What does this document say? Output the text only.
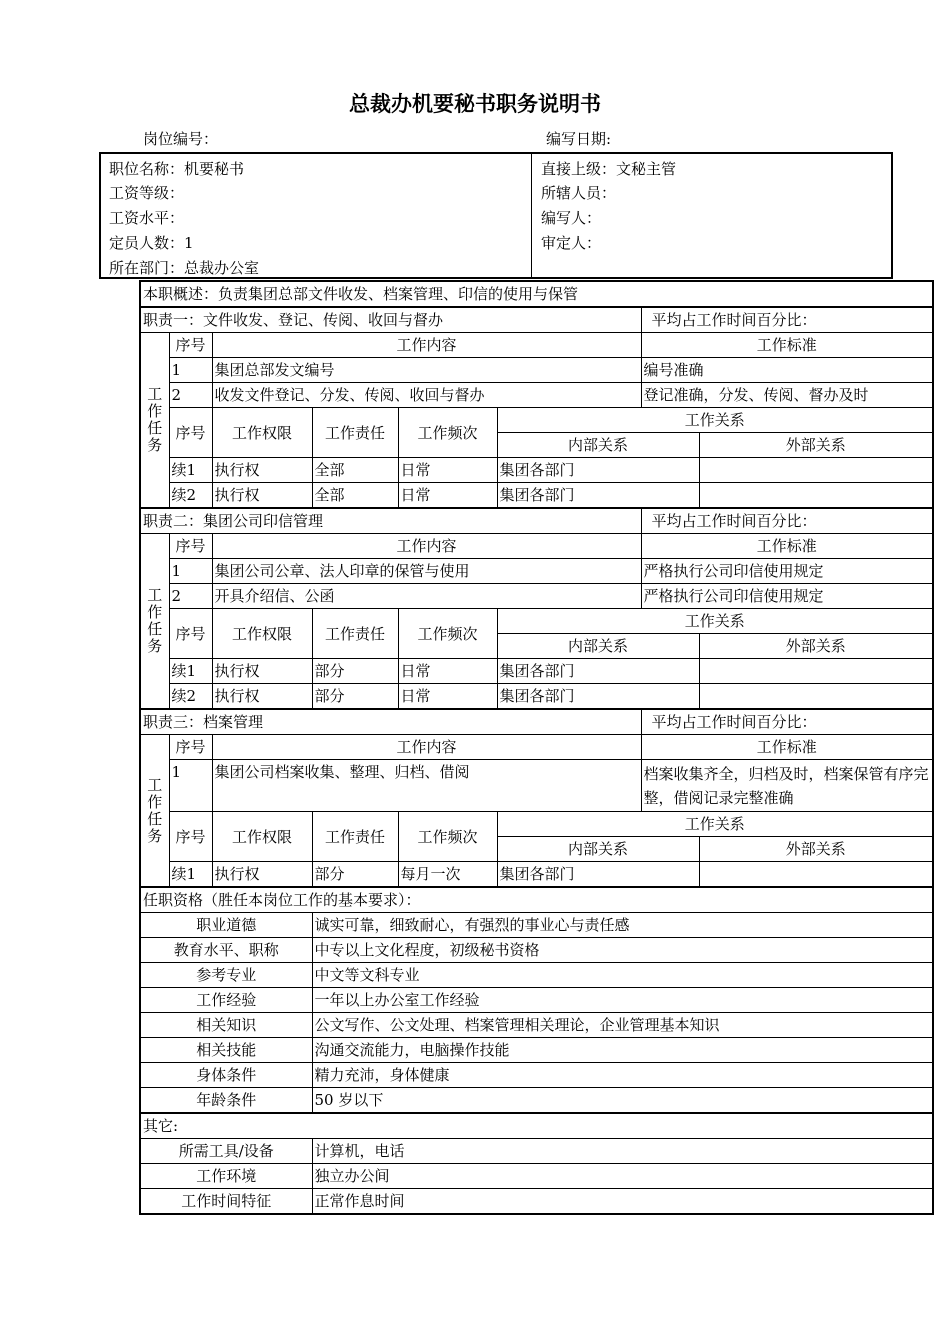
总裁办机要秘书职务说明书
岗位编号：	编写日期:
职位名称：机要秘书
工资等级：
工资水平：
定员人数：1
所在部门：总裁办公室
直接上级：文秘主管
所辖人员：
编写人：
审定人：
本职概述：负责集团总部文件收发、档案管理、印信的使用与保管							
职责一：文件收发、登记、传阅、收回与督办						平均占工作时间百分比：	
工作任务	序号	工作内容				工作标准	
	1	集团总部发文编号				编号准确	
	2	收发文件登记、分发、传阅、收回与督办				登记准确，分发、传阅、督办及时	
	序号	工作权限	工作责任	工作频次	工作关系		
					内部关系		外部关系
	续1	执行权	全部	日常	集团各部门		
	续2	执行权	全部	日常	集团各部门		
职责二：集团公司印信管理						平均占工作时间百分比：	
工作任务	序号	工作内容				工作标准	
	1	集团公司公章、法人印章的保管与使用				严格执行公司印信使用规定	
	2	开具介绍信、公函				严格执行公司印信使用规定	
	序号	工作权限	工作责任	工作频次	工作关系		
					内部关系		外部关系
	续1	执行权	部分	日常	集团各部门		
	续2	执行权	部分	日常	集团各部门		
职责三：档案管理						平均占工作时间百分比：	
工作任务	序号	工作内容				工作标准	
	1	集团公司档案收集、整理、归档、借阅				档案收集齐全，归档及时，档案保管有序完整，借阅记录完整准确	
	序号	工作权限	工作责任	工作频次	工作关系		
					内部关系		外部关系
	续1	执行权	部分	每月一次	集团各部门		
任职资格（胜任本岗位工作的基本要求）：							
职业道德			诚实可靠，细致耐心，有强烈的事业心与责任感				
教育水平、职称			中专以上文化程度，初级秘书资格				
参考专业			中文等文科专业				
工作经验			一年以上办公室工作经验				
相关知识			公文写作、公文处理、档案管理相关理论，企业管理基本知识				
相关技能			沟通交流能力，电脑操作技能				
身体条件			精力充沛，身体健康				
年龄条件			50 岁以下				
其它:							
所需工具/设备			计算机，电话				
工作环境			独立办公间				
工作时间特征			正常作息时间				
